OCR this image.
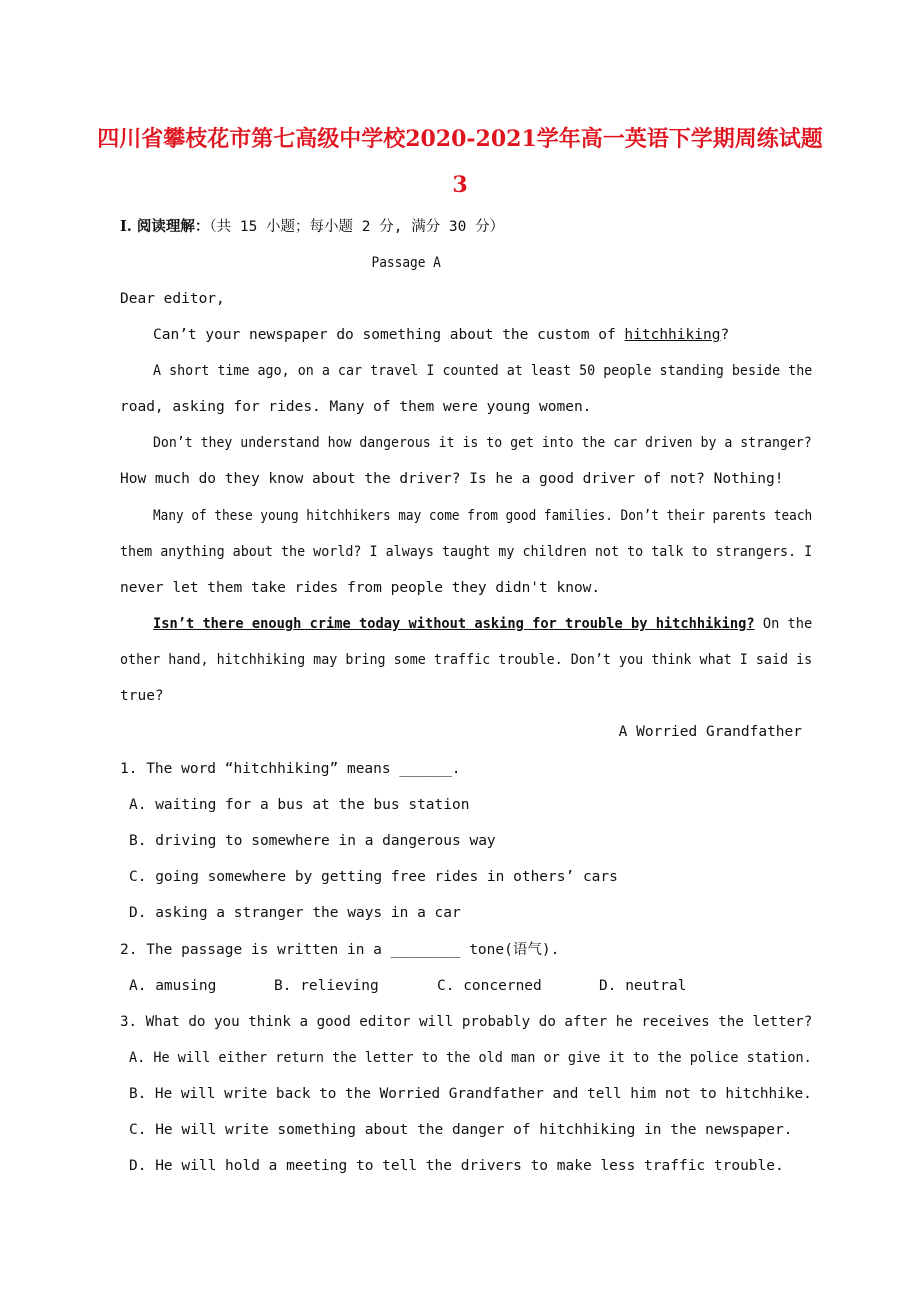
四川省攀枝花市第七高级中学校2020-2021学年高一英语下学期周练试题
3
I. 阅读理解：（共 15 小题；每小题 2 分, 满分 30 分）
Passage A
Dear editor,
Can’t your newspaper do something about the custom of hitchhiking?
A short time ago, on a car travel I counted at least 50 people standing beside the
road, asking for rides. Many of them were young women.
Don’t they understand how dangerous it is to get into the car driven by a stranger?
How much do they know about the driver? Is he a good driver of not? Nothing!
Many of these young hitchhikers may come from good families. Don’t their parents teach
them anything about the world? I always taught my children not to talk to strangers. I
never let them take rides from people they didn't know.
Isn’t there enough crime today without asking for trouble by hitchhiking? On the
other hand, hitchhiking may bring some traffic trouble. Don’t you think what I said is
true?
A Worried Grandfather
1. The word “hitchhiking” means ______.
A. waiting for a bus at the bus station
B. driving to somewhere in a dangerous way
C. going somewhere by getting free rides in others’ cars
D. asking a stranger the ways in a car
2. The passage is written in a ________ tone(语气).
A. amusing	B. relieving	C. concerned	D. neutral
3. What do you think a good editor will probably do after he receives the letter?
A. He will either return the letter to the old man or give it to the police station.
B. He will write back to the Worried Grandfather and tell him not to hitchhike.
C. He will write something about the danger of hitchhiking in the newspaper.
D. He will hold a meeting to tell the drivers to make less traffic trouble.
